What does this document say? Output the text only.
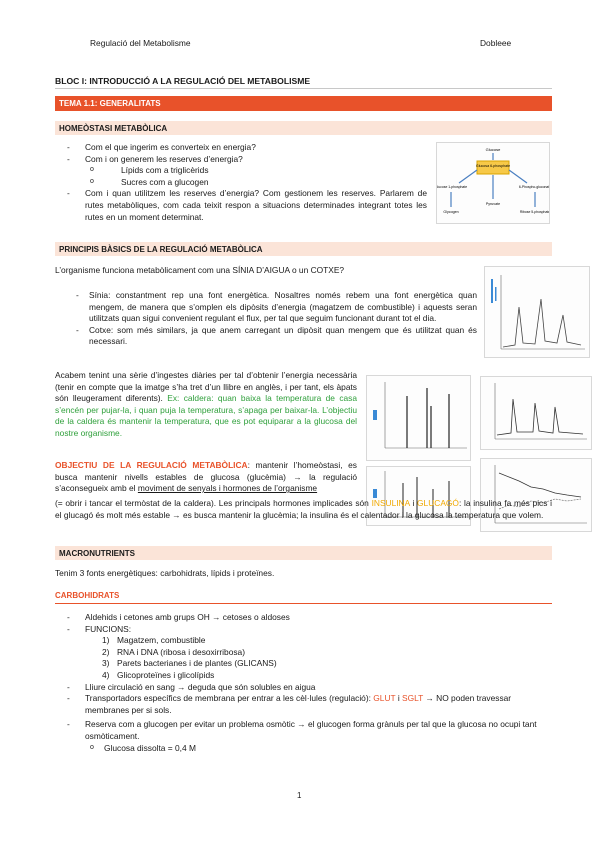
Regulació del Metabolisme	Dobleee
BLOC I: INTRODUCCIÓ A LA REGULACIÓ DEL METABOLISME
TEMA 1.1: GENERALITATS
HOMEÒSTASI METABÒLICA
- Com el que ingerim es converteix en energia?
- Com i on generem les reserves d’energia?
o Lípids com a triglicèrids
o Sucres com a glucogen
- Com i quan utilitzem les reserves d’energia? Com gestionem les reserves. Parlarem de rutes metabòliques, com cada teixit respon a situacions determinades integrant totes les rutes en un moment determinat.
Glucosa 6-phosphate
Glucose
Glucose 1-phosphate	6-Phospho-gluconate
Glycogen
Pyruvate
Ribose 5-phosphate
PRINCIPIS BÀSICS DE LA REGULACIÓ METABÒLICA
L’organisme funciona metabòlicament com una SÍNIA D’AIGUA o un COTXE?
- Sínia: constantment rep una font energètica. Nosaltres només rebem una font energètica quan mengem, de manera que s’omplen els dipòsits d’energia (magatzem de combustible) i aquests seran utilitzats quan sigui convenient regulant el flux, per tal que seguim funcionant durant tot el dia.
- Cotxe: som més similars, ja que anem carregant un dipòsit quan mengem que és utilitzat quan és necessari.
Acabem tenint una sèrie d’ingestes diàries per tal d’obtenir l’energia necessària (tenir en compte que la imatge s’ha tret d’un llibre en anglès, i per tant, els àpats són lleugerament diferents). Ex: caldera: quan baixa la temperatura de casa s’encén per pujar-la, i quan puja la temperatura, s’apaga per baixar-la. L’objectiu de la caldera és mantenir la temperatura, que es pot equiparar a la glucosa del nostre organisme.
OBJECTIU DE LA REGULACIÓ METABÒLICA: mantenir l’homeòstasi, es busca mantenir nivells estables de glucosa (glucèmia) → la regulació s’aconsegueix amb el moviment de senyals i hormones de l’organisme
(= obrir i tancar el termòstat de la caldera). Les principals hormones implicades són INSULINA i GLUCAGÓ: la insulina fa més pics i el glucagó és molt més estable → es busca mantenir la glucèmia; la insulina és el calentador i la glucosa la temperatura que volem.
MACRONUTRIENTS
Tenim 3 fonts energètiques: carbohidrats, lípids i proteïnes.
CARBOHIDRATS
- Aldehids i cetones amb grups OH → cetoses o aldoses
- FUNCIONS:
1) Magatzem, combustible
2) RNA i DNA (ribosa i desoxirribosa)
3) Parets bacterianes i de plantes (GLICANS)
4) Glicoproteïnes i glicolípids
- Lliure circulació en sang → deguda que són solubles en aigua
- Transportadors específics de membrana per entrar a les cèl·lules (regulació): GLUT i SGLT → NO poden travessar membranes per si sols.
- Reserva com a glucogen per evitar un problema osmòtic → el glucogen forma grànuls per tal que la glucosa no ocupi tant osmòticament.
o Glucosa dissolta = 0,4 M
1
